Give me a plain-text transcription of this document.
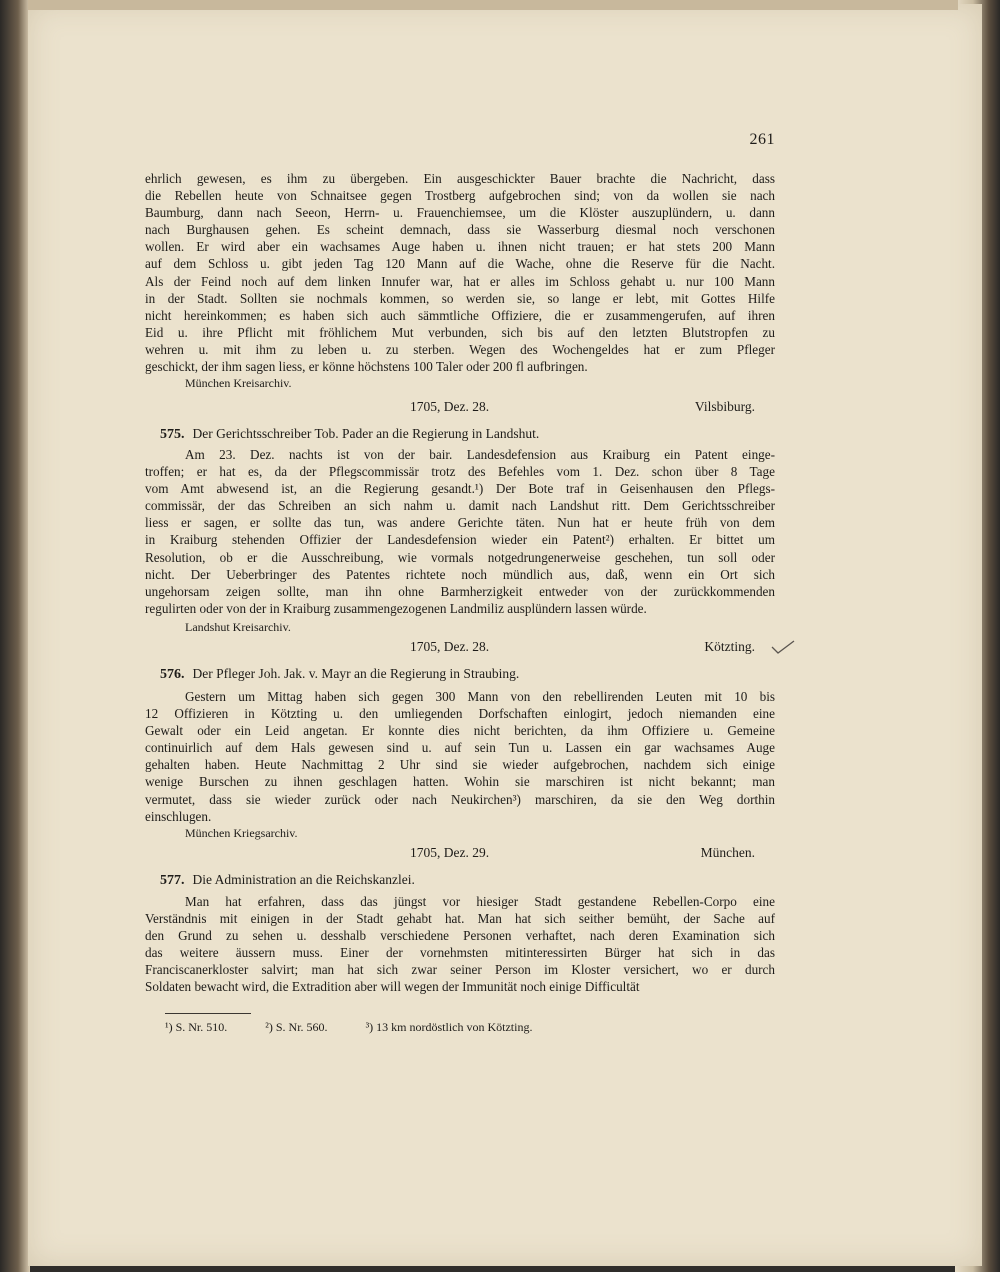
261
ehrlich gewesen, es ihm zu übergeben. Ein ausgeschickter Bauer brachte die Nachricht, dass
die Rebellen heute von Schnaitsee gegen Trostberg aufgebrochen sind; von da wollen sie nach
Baumburg, dann nach Seeon, Herrn- u. Frauenchiemsee, um die Klöster auszuplündern, u. dann
nach Burghausen gehen. Es scheint demnach, dass sie Wasserburg diesmal noch verschonen
wollen. Er wird aber ein wachsames Auge haben u. ihnen nicht trauen; er hat stets 200 Mann
auf dem Schloss u. gibt jeden Tag 120 Mann auf die Wache, ohne die Reserve für die Nacht.
Als der Feind noch auf dem linken Innufer war, hat er alles im Schloss gehabt u. nur 100 Mann
in der Stadt. Sollten sie nochmals kommen, so werden sie, so lange er lebt, mit Gottes Hilfe
nicht hereinkommen; es haben sich auch sämmtliche Offiziere, die er zusammengerufen, auf ihren
Eid u. ihre Pflicht mit fröhlichem Mut verbunden, sich bis auf den letzten Blutstropfen zu
wehren u. mit ihm zu leben u. zu sterben. Wegen des Wochengeldes hat er zum Pfleger
geschickt, der ihm sagen liess, er könne höchstens 100 Taler oder 200 fl aufbringen.
München Kreisarchiv.
1705, Dez. 28.	Vilsbiburg.
575. Der Gerichtsschreiber Tob. Pader an die Regierung in Landshut.
Am 23. Dez. nachts ist von der bair. Landesdefension aus Kraiburg ein Patent einge-
troffen; er hat es, da der Pflegscommissär trotz des Befehles vom 1. Dez. schon über 8 Tage
vom Amt abwesend ist, an die Regierung gesandt.¹) Der Bote traf in Geisenhausen den Pflegs-
commissär, der das Schreiben an sich nahm u. damit nach Landshut ritt. Dem Gerichtsschreiber
liess er sagen, er sollte das tun, was andere Gerichte täten. Nun hat er heute früh von dem
in Kraiburg stehenden Offizier der Landesdefension wieder ein Patent²) erhalten. Er bittet um
Resolution, ob er die Ausschreibung, wie vormals notgedrungenerweise geschehen, tun soll oder
nicht. Der Ueberbringer des Patentes richtete noch mündlich aus, daß, wenn ein Ort sich
ungehorsam zeigen sollte, man ihn ohne Barmherzigkeit entweder von der zurückkommenden
regulirten oder von der in Kraiburg zusammengezogenen Landmiliz ausplündern lassen würde.
Landshut Kreisarchiv.
1705, Dez. 28.	Kötzting.
576. Der Pfleger Joh. Jak. v. Mayr an die Regierung in Straubing.
Gestern um Mittag haben sich gegen 300 Mann von den rebellirenden Leuten mit 10 bis
12 Offizieren in Kötzting u. den umliegenden Dorfschaften einlogirt, jedoch niemanden eine
Gewalt oder ein Leid angetan. Er konnte dies nicht berichten, da ihm Offiziere u. Gemeine
continuirlich auf dem Hals gewesen sind u. auf sein Tun u. Lassen ein gar wachsames Auge
gehalten haben. Heute Nachmittag 2 Uhr sind sie wieder aufgebrochen, nachdem sich einige
wenige Burschen zu ihnen geschlagen hatten. Wohin sie marschiren ist nicht bekannt; man
vermutet, dass sie wieder zurück oder nach Neukirchen³) marschiren, da sie den Weg dorthin
einschlugen.
München Kriegsarchiv.
1705, Dez. 29.	München.
577. Die Administration an die Reichskanzlei.
Man hat erfahren, dass das jüngst vor hiesiger Stadt gestandene Rebellen-Corpo eine
Verständnis mit einigen in der Stadt gehabt hat. Man hat sich seither bemüht, der Sache auf
den Grund zu sehen u. desshalb verschiedene Personen verhaftet, nach deren Examination sich
das weitere äussern muss. Einer der vornehmsten mitinteressirten Bürger hat sich in das
Franciscanerkloster salvirt; man hat sich zwar seiner Person im Kloster versichert, wo er durch
Soldaten bewacht wird, die Extradition aber will wegen der Immunität noch einige Difficultät
¹) S. Nr. 510.	²) S. Nr. 560.	³) 13 km nordöstlich von Kötzting.
